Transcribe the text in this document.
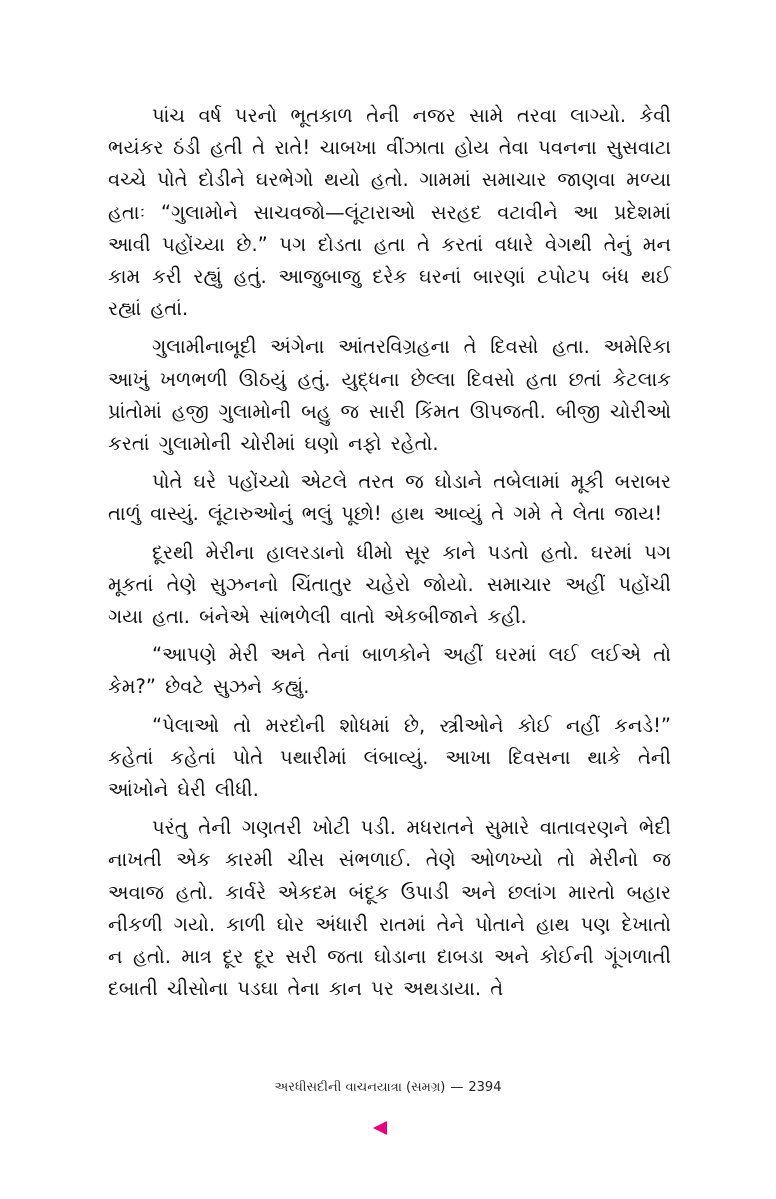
પાંચ વર્ષ પરનો ભૂતકાળ તેની નજર સામે તરવા લાગ્યો. કેવી ભયંકર ઠંડી હતી તે રાતે! ચાબખા વીંઝાતા હોય તેવા પવનના સુસવાટા વચ્ચે પોતે દોડીને ઘરભેગો થયો હતો. ગામમાં સમાચાર જાણવા મળ્યા હતાઃ “ગુલામોને સાચવજો—લૂંટારાઓ સરહદ વટાવીને આ પ્રદેશમાં આવી પહોંચ્યા છે.” પગ દોડતા હતા તે કરતાં વધારે વેગથી તેનું મન કામ કરી રહ્યું હતું. આજુબાજુ દરેક ઘરનાં બારણાં ટપોટપ બંધ થઈ રહ્યાં હતાં.

ગુલામીનાબૂદી અંગેના આંતરવિગ્રહના તે દિવસો હતા. અમેરિકા આખું ખળભળી ઊઠયું હતું. યુદ્ધના છેલ્લા દિવસો હતા છતાં કેટલાક પ્રાંતોમાં હજી ગુલામોની બહુ જ સારી કિંમત ઊપજતી. બીજી ચોરીઓ કરતાં ગુલામોની ચોરીમાં ઘણો નફો રહેતો.

પોતે ઘરે પહોંચ્યો એટલે તરત જ ઘોડાને તબેલામાં મૂકી બરાબર તાળું વાસ્યું. લૂંટારુઓનું ભલું પૂછો! હાથ આવ્યું તે ગમે તે લેતા જાય!

દૂરથી મેરીના હાલરડાનો ધીમો સૂર કાને પડતો હતો. ઘરમાં પગ મૂકતાં તેણે સુઝનનો ચિંતાતુર ચહેરો જોયો. સમાચાર અહીં પહોંચી ગયા હતા. બંનેએ સાંભળેલી વાતો એકબીજાને કહી.

“આપણે મેરી અને તેનાં બાળકોને અહીં ઘરમાં લઈ લઈએ તો કેમ?” છેવટે સુઝને કહ્યું.

“પેલાઓ તો મરદોની શોધમાં છે, સ્ત્રીઓને કોઈ નહીં કનડે!” કહેતાં કહેતાં પોતે પથારીમાં લંબાવ્યું. આખા દિવસના થાકે તેની આંખોને ઘેરી લીધી.

પરંતુ તેની ગણતરી ખોટી પડી. મધરાતને સુમારે વાતાવરણને ભેદી નાખતી એક કારમી ચીસ સંભળાઈ. તેણે ઓળખ્યો તો મેરીનો જ અવાજ હતો. કાર્વરે એકદમ બંદૂક ઉપાડી અને છલાંગ મારતો બહાર નીકળી ગયો. કાળી ઘોર અંધારી રાતમાં તેને પોતાને હાથ પણ દેખાતો ન હતો. માત્ર દૂર દૂર સરી જતા ઘોડાના દાબડા અને કોઈની ગૂંગળાતી દબાતી ચીસોના પડઘા તેના કાન પર અથડાયા. તે

અરધીસદીની વાચનયાત્રા (સમગ્ર) — 2394
